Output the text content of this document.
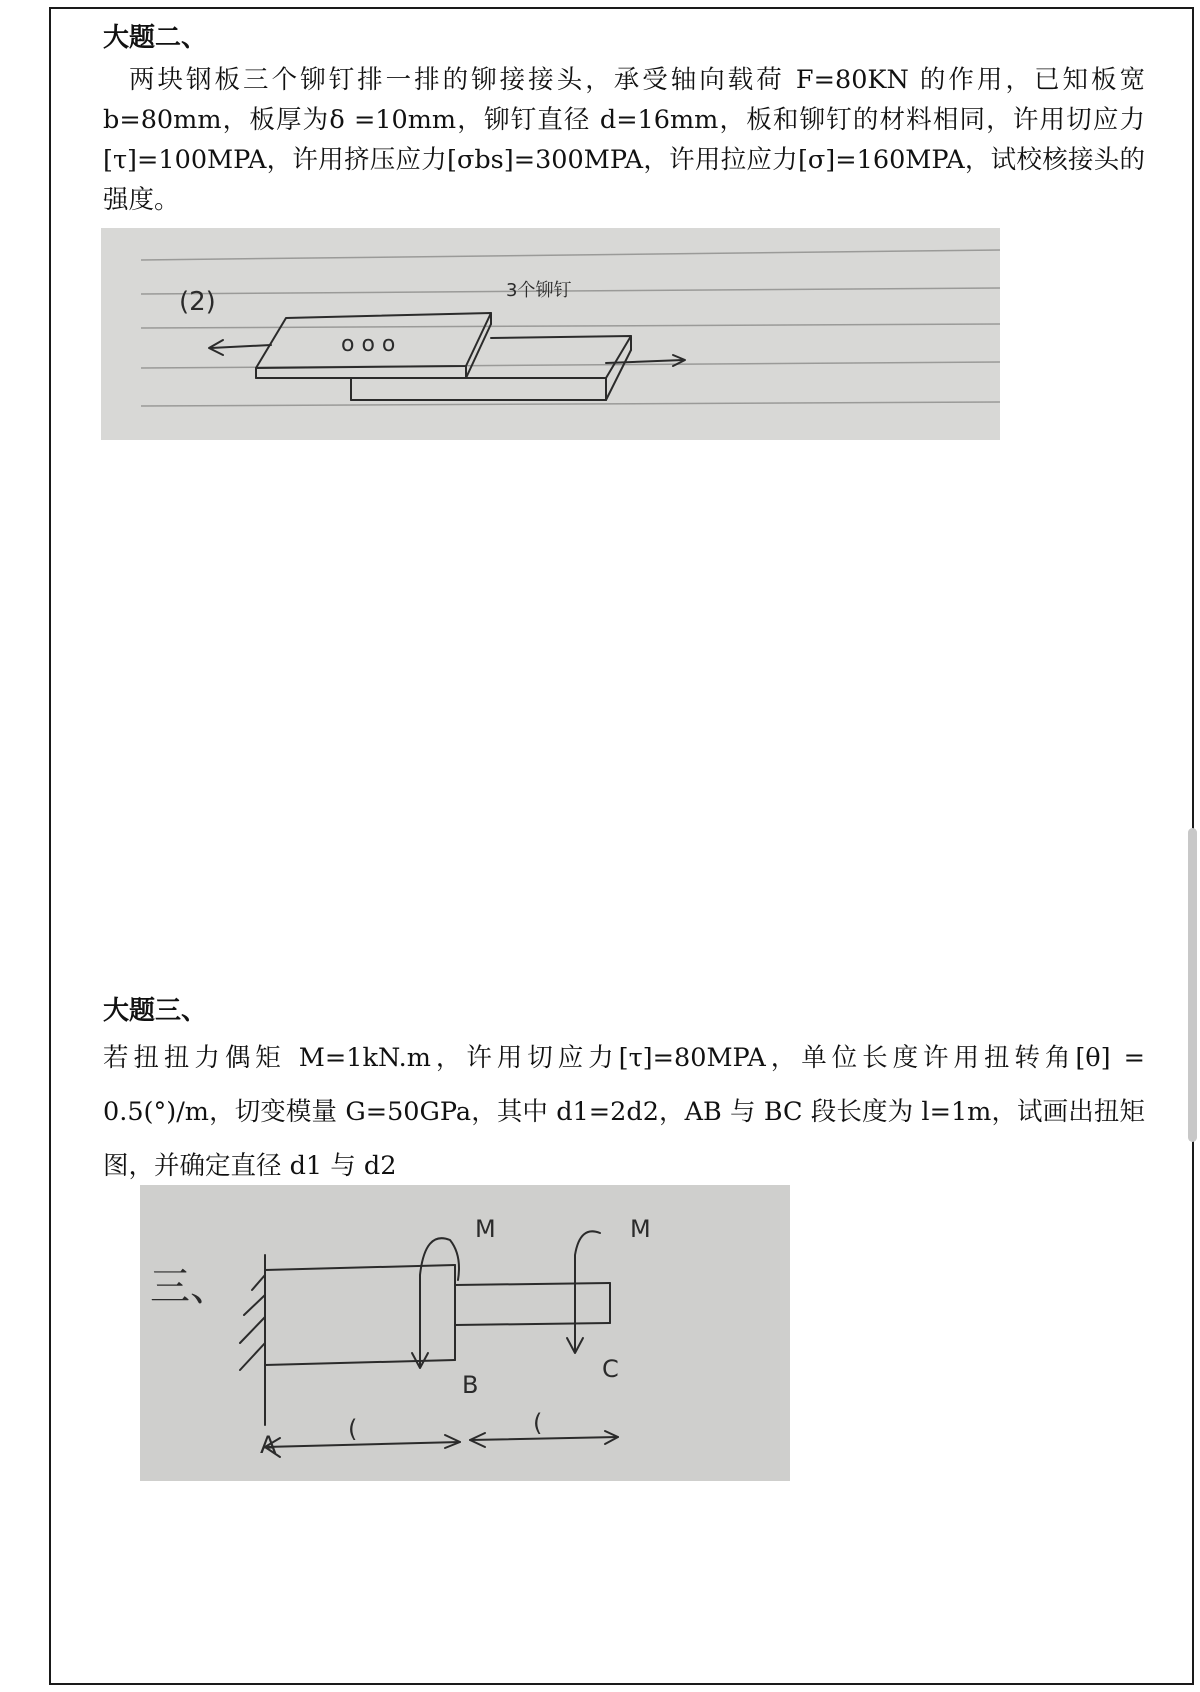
大题二、
两块钢板三个铆钉排一排的铆接接头，承受轴向载荷 F=80KN 的作用，已知板宽 b=80mm，板厚为δ =10mm，铆钉直径 d=16mm，板和铆钉的材料相同，许用切应力[τ]=100MPA，许用挤压应力[σbs]=300MPA，许用拉应力[σ]=160MPA，试校核接头的强度。
(2)	3个铆钉
o o o
大题三、
若扭扭力偶矩 M=1kN.m，许用切应力[τ]=80MPA，单位长度许用扭转角[θ] = 0.5(°)/m，切变模量 G=50GPa，其中 d1=2d2，AB 与 BC 段长度为 l=1m，试画出扭矩图，并确定直径 d1 与 d2
三、
M	M
A
B
C
(	(
